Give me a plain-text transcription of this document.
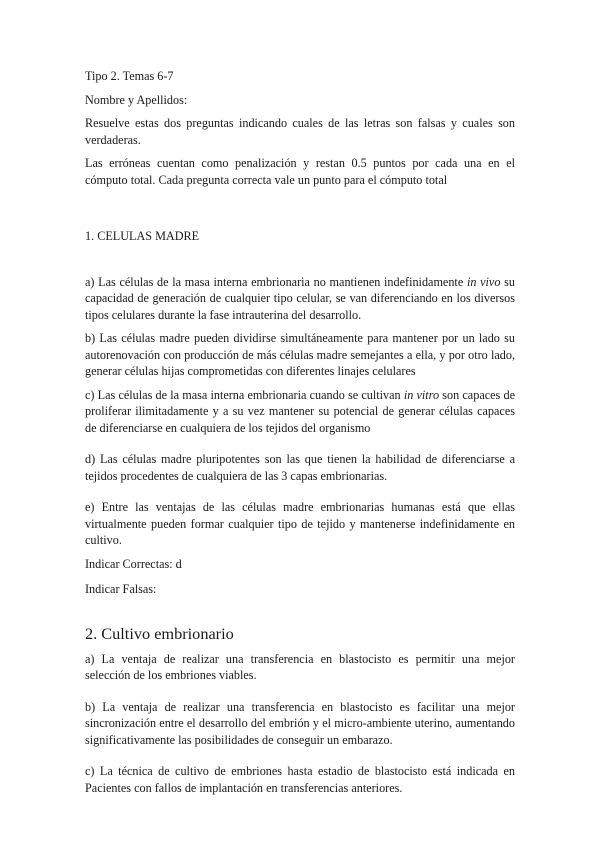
Tipo 2. Temas 6-7

Nombre y Apellidos:

Resuelve estas dos preguntas indicando cuales de las letras son falsas y cuales son verdaderas.

Las erróneas cuentan como penalización y restan 0.5 puntos por cada una en el cómputo total. Cada pregunta correcta vale un punto para el cómputo total

1. CELULAS MADRE

a) Las células de la masa interna embrionaria no mantienen indefinidamente in vivo su capacidad de generación de cualquier tipo celular, se van diferenciando en los diversos tipos celulares durante la fase intrauterina del desarrollo.

b) Las células madre pueden dividirse simultáneamente para mantener por un lado su autorenovación con producción de más células madre semejantes a ella, y por otro lado, generar células hijas comprometidas con diferentes linajes celulares

c) Las células de la masa interna embrionaria cuando se cultivan in vitro son capaces de proliferar ilimitadamente y a su vez mantener su potencial de generar células capaces de diferenciarse en cualquiera de los tejidos del organismo

d) Las células madre pluripotentes son las que tienen la habilidad de diferenciarse a tejidos procedentes de cualquiera de las 3 capas embrionarias.

e) Entre las ventajas de las células madre embrionarias humanas está que ellas virtualmente pueden formar cualquier tipo de tejido y mantenerse indefinidamente en cultivo.

Indicar Correctas: d

Indicar Falsas:

2. Cultivo embrionario

a) La ventaja de realizar una transferencia en blastocisto es permitir una mejor selección de los embriones viables.

b) La ventaja de realizar una transferencia en blastocisto es facilitar una mejor sincronización entre el desarrollo del embrión y el micro-ambiente uterino, aumentando significativamente las posibilidades de conseguir un embarazo.

c) La técnica de cultivo de embriones hasta estadio de blastocisto está indicada en Pacientes con fallos de implantación en transferencias anteriores.
